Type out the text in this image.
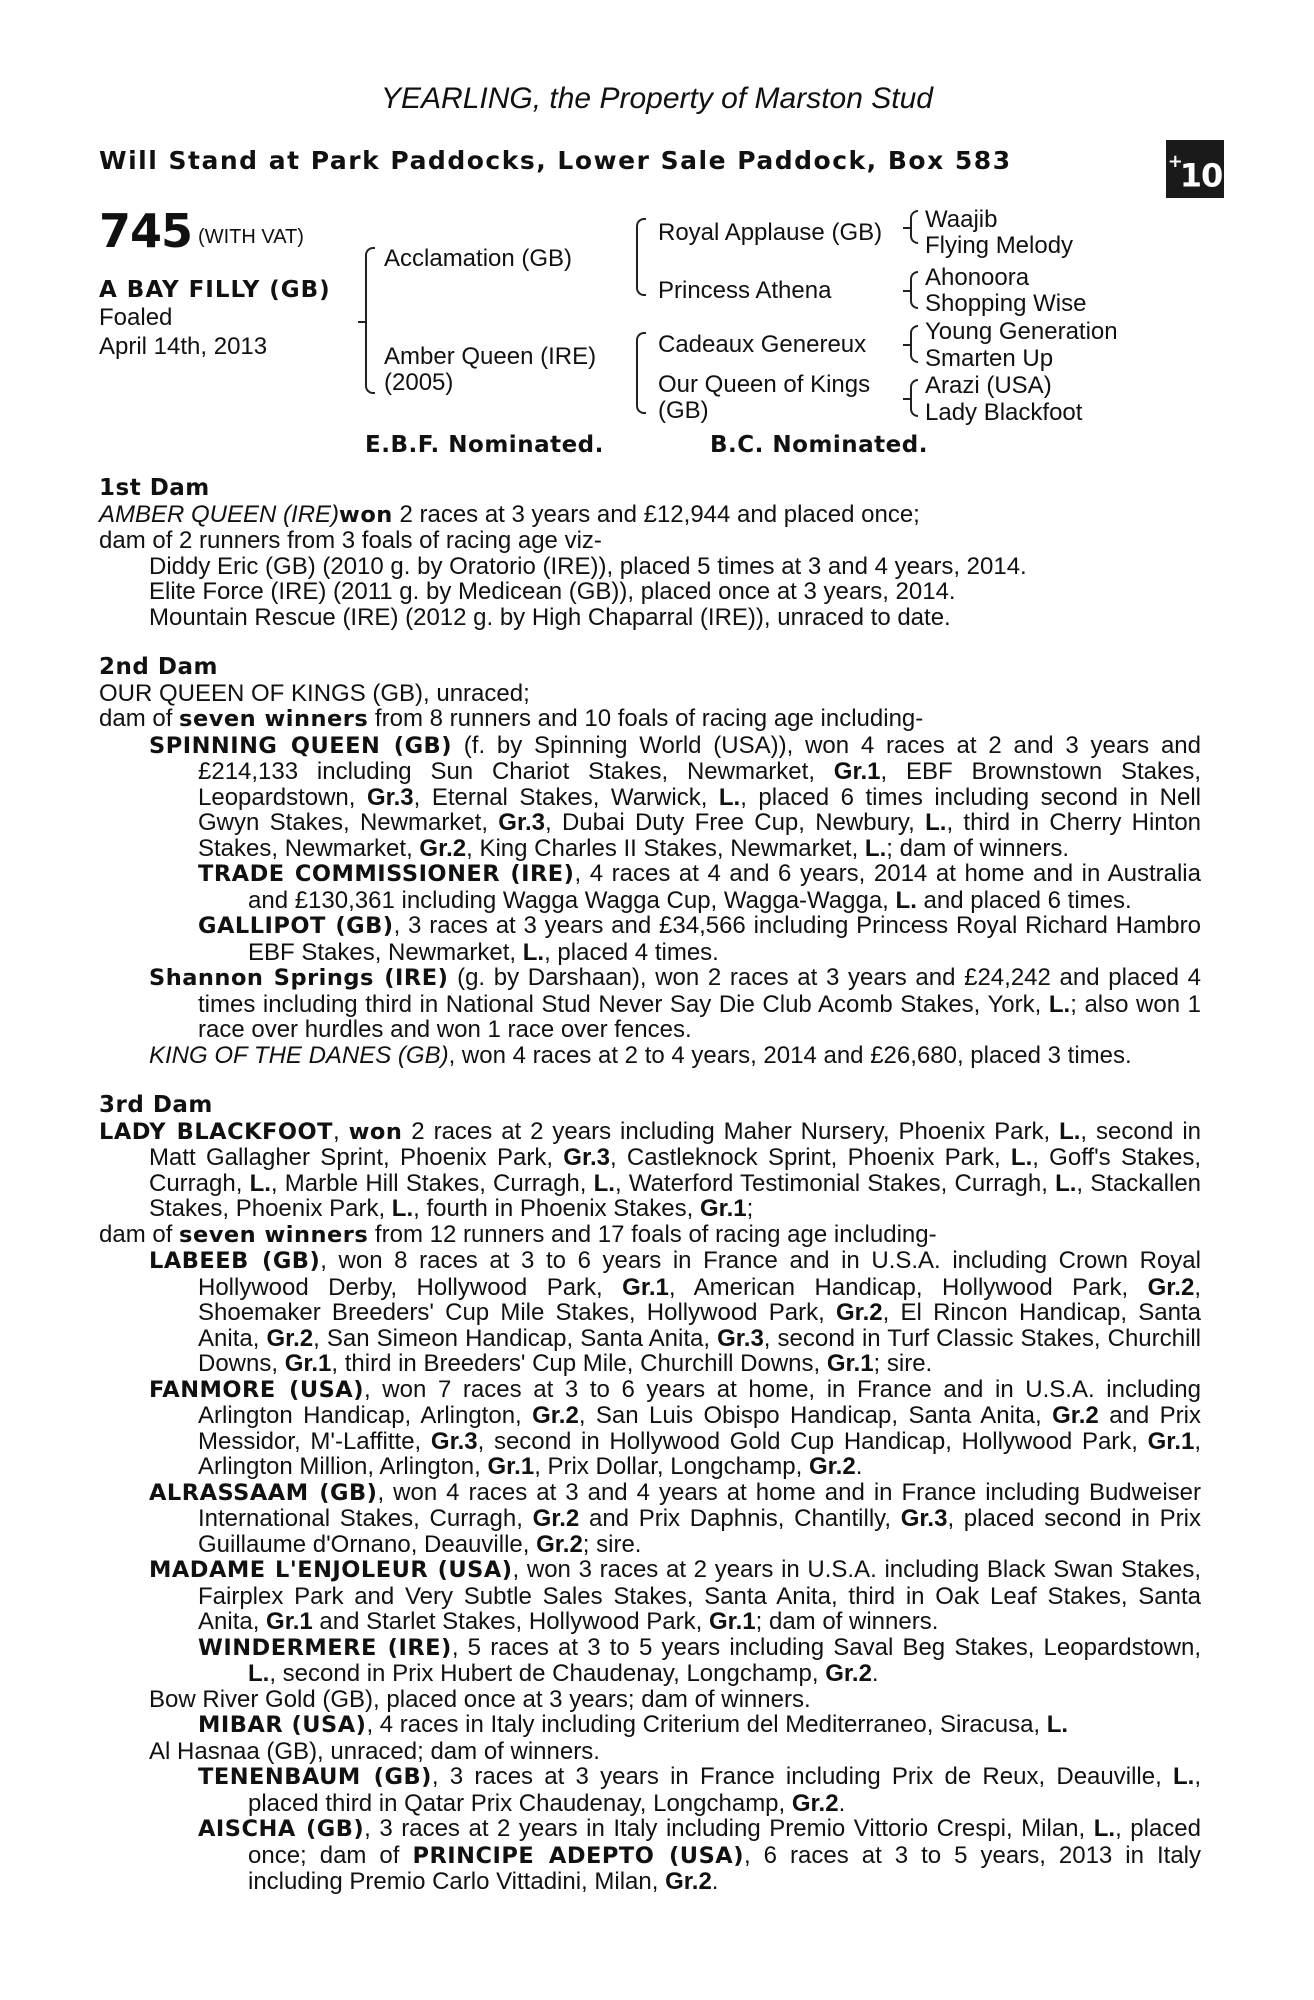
YEARLING, the Property of Marston Stud
Will Stand at Park Paddocks, Lower Sale Paddock, Box 583	+10
745 (WITH VAT)
A BAY FILLY (GB)
Foaled
April 14th, 2013
Acclamation (GB)
Amber Queen (IRE)
(2005)
Royal Applause (GB)
Princess Athena
Cadeaux Genereux
Our Queen of Kings
(GB)
Waajib
Flying Melody
Ahonoora
Shopping Wise
Young Generation
Smarten Up
Arazi (USA)
Lady Blackfoot
E.B.F. Nominated.	B.C. Nominated.
1st Dam

AMBER QUEEN (IRE)won 2 races at 3 years and £12,944 and placed once;

dam of 2 runners from 3 foals of racing age viz-

Diddy Eric (GB) (2010 g. by Oratorio (IRE)), placed 5 times at 3 and 4 years, 2014.

Elite Force (IRE) (2011 g. by Medicean (GB)), placed once at 3 years, 2014.

Mountain Rescue (IRE) (2012 g. by High Chaparral (IRE)), unraced to date.

2nd Dam

OUR QUEEN OF KINGS (GB), unraced;

dam of seven winners from 8 runners and 10 foals of racing age including-

SPINNING QUEEN (GB) (f. by Spinning World (USA)), won 4 races at 2 and 3 years and £214,133 including Sun Chariot Stakes, Newmarket, Gr.1, EBF Brownstown Stakes, Leopardstown, Gr.3, Eternal Stakes, Warwick, L., placed 6 times including second in Nell Gwyn Stakes, Newmarket, Gr.3, Dubai Duty Free Cup, Newbury, L., third in Cherry Hinton Stakes, Newmarket, Gr.2, King Charles II Stakes, Newmarket, L.; dam of winners.

TRADE COMMISSIONER (IRE), 4 races at 4 and 6 years, 2014 at home and in Australia and £130,361 including Wagga Wagga Cup, Wagga-Wagga, L. and placed 6 times.

GALLIPOT (GB), 3 races at 3 years and £34,566 including Princess Royal Richard Hambro EBF Stakes, Newmarket, L., placed 4 times.

Shannon Springs (IRE) (g. by Darshaan), won 2 races at 3 years and £24,242 and placed 4 times including third in National Stud Never Say Die Club Acomb Stakes, York, L.; also won 1 race over hurdles and won 1 race over fences.

KING OF THE DANES (GB), won 4 races at 2 to 4 years, 2014 and £26,680, placed 3 times.

3rd Dam

LADY BLACKFOOT, won 2 races at 2 years including Maher Nursery, Phoenix Park, L., second in Matt Gallagher Sprint, Phoenix Park, Gr.3, Castleknock Sprint, Phoenix Park, L., Goff's Stakes, Curragh, L., Marble Hill Stakes, Curragh, L., Waterford Testimonial Stakes, Curragh, L., Stackallen Stakes, Phoenix Park, L., fourth in Phoenix Stakes, Gr.1;

dam of seven winners from 12 runners and 17 foals of racing age including-

LABEEB (GB), won 8 races at 3 to 6 years in France and in U.S.A. including Crown Royal Hollywood Derby, Hollywood Park, Gr.1, American Handicap, Hollywood Park, Gr.2, Shoemaker Breeders' Cup Mile Stakes, Hollywood Park, Gr.2, El Rincon Handicap, Santa Anita, Gr.2, San Simeon Handicap, Santa Anita, Gr.3, second in Turf Classic Stakes, Churchill Downs, Gr.1, third in Breeders' Cup Mile, Churchill Downs, Gr.1; sire.

FANMORE (USA), won 7 races at 3 to 6 years at home, in France and in U.S.A. including Arlington Handicap, Arlington, Gr.2, San Luis Obispo Handicap, Santa Anita, Gr.2 and Prix Messidor, M'-Laffitte, Gr.3, second in Hollywood Gold Cup Handicap, Hollywood Park, Gr.1, Arlington Million, Arlington, Gr.1, Prix Dollar, Longchamp, Gr.2.

ALRASSAAM (GB), won 4 races at 3 and 4 years at home and in France including Budweiser International Stakes, Curragh, Gr.2 and Prix Daphnis, Chantilly, Gr.3, placed second in Prix Guillaume d'Ornano, Deauville, Gr.2; sire.

MADAME L'ENJOLEUR (USA), won 3 races at 2 years in U.S.A. including Black Swan Stakes, Fairplex Park and Very Subtle Sales Stakes, Santa Anita, third in Oak Leaf Stakes, Santa Anita, Gr.1 and Starlet Stakes, Hollywood Park, Gr.1; dam of winners.

WINDERMERE (IRE), 5 races at 3 to 5 years including Saval Beg Stakes, Leopardstown, L., second in Prix Hubert de Chaudenay, Longchamp, Gr.2.

Bow River Gold (GB), placed once at 3 years; dam of winners.

MIBAR (USA), 4 races in Italy including Criterium del Mediterraneo, Siracusa, L.

Al Hasnaa (GB), unraced; dam of winners.

TENENBAUM (GB), 3 races at 3 years in France including Prix de Reux, Deauville, L., placed third in Qatar Prix Chaudenay, Longchamp, Gr.2.

AISCHA (GB), 3 races at 2 years in Italy including Premio Vittorio Crespi, Milan, L., placed once; dam of PRINCIPE ADEPTO (USA), 6 races at 3 to 5 years, 2013 in Italy including Premio Carlo Vittadini, Milan, Gr.2.
